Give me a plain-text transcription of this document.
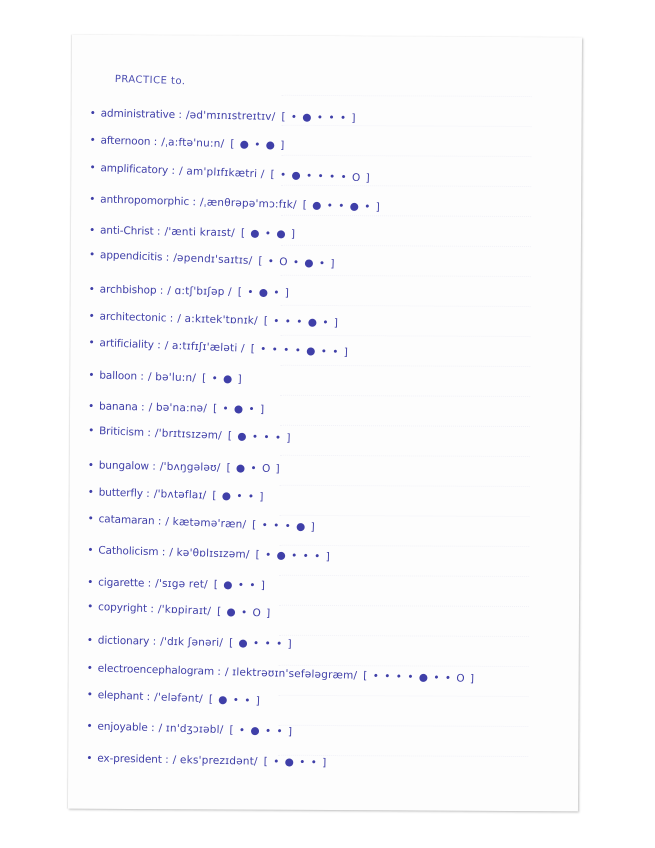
PRACTICE to.
• administrative : /əd'mɪnɪstreɪtɪv/ [ • ● • • • ]
• afternoon : /ˌa:ftə'nu:n/ [ ● • ● ]
• amplificatory : / am'plɪfɪkætri / [ • ● • • • • O ]
• anthropomorphic : /ˌænθrəpə'mɔ:fɪk/ [ ● • • ● • ]
• anti-Christ : /'ænti kraɪst/ [ ● • ● ]
• appendicitis : /əpendɪ'saɪtɪs/ [ • O • ● • ]
• archbishop : / ɑ:tʃ'bɪʃəp / [ • ● • ]
• architectonic : / a:kɪtek'tɒnɪk/ [ • • • ● • ]
• artificiality : / a:tɪfɪʃɪ'æləti / [ • • • • ● • • ]
• balloon : / bə'lu:n/ [ • ● ]
• banana : / bə'na:nə/ [ • ● • ]
• Briticism : /'brɪtɪsɪzəm/ [ ● • • • ]
• bungalow : /'bʌŋgələʊ/ [ ● • O ]
• butterfly : /'bʌtəflaɪ/ [ ● • • ]
• catamaran : / kætəmə'ræn/ [ • • • ● ]
• Catholicism : / kə'θɒlɪsɪzəm/ [ • ● • • • ]
• cigarette : /'sɪgə ret/ [ ● • • ]
• copyright : /'kɒpiraɪt/ [ ● • O ]
• dictionary : /'dɪk ʃənəri/ [ ● • • • ]
• electroencephalogram : / ɪlektrəʊɪn'sefələgræm/ [ • • • • ● • • O ]
• elephant : /'eləfənt/ [ ● • • ]
• enjoyable : / ɪn'dʒɔɪəbl/ [ • ● • • ]
• ex-president : / eks'prezɪdənt/ [ • ● • • ]
